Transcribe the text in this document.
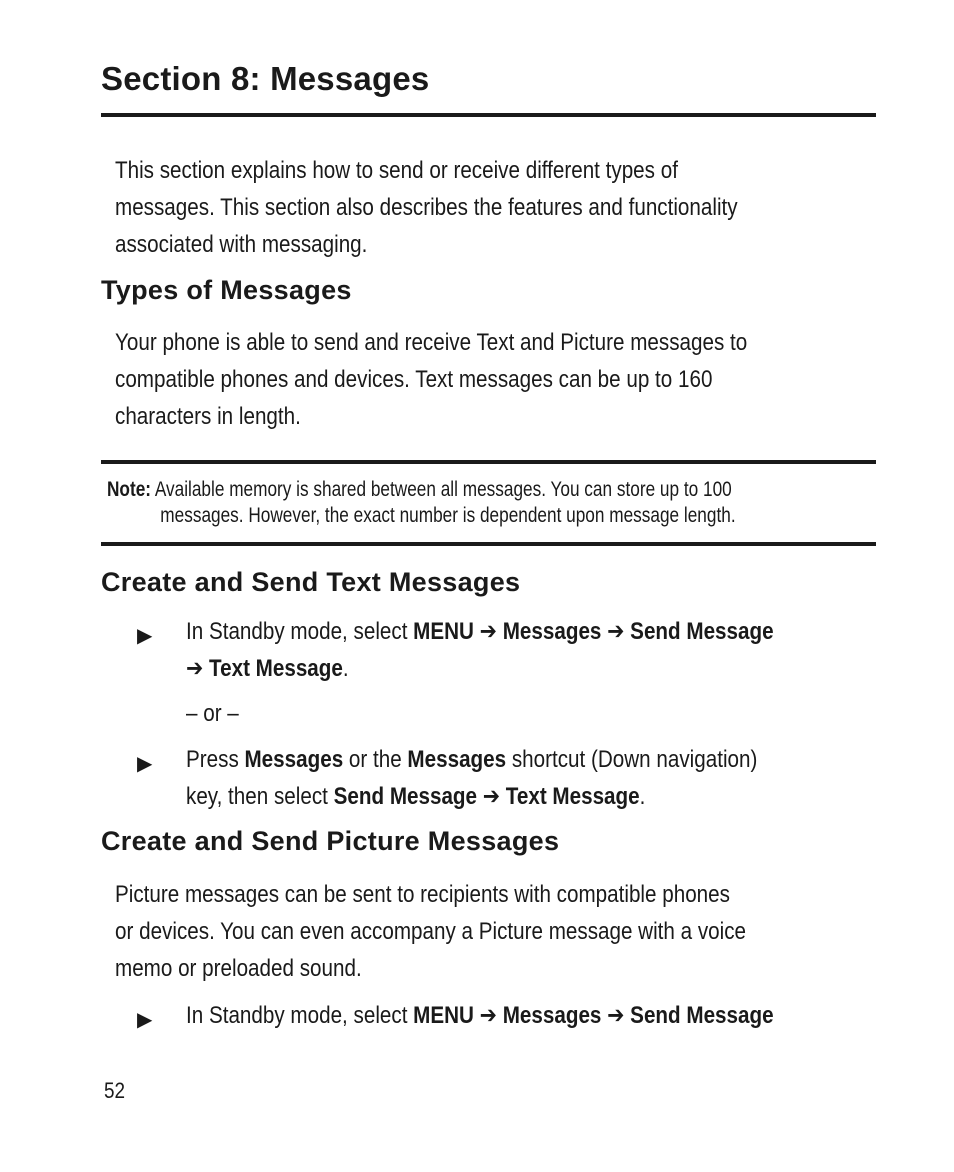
Section 8: Messages

This section explains how to send or receive different types of
messages. This section also describes the features and functionality
associated with messaging.

Types of Messages

Your phone is able to send and receive Text and Picture messages to
compatible phones and devices. Text messages can be up to 160
characters in length.

Note: Available memory is shared between all messages. You can store up to 100
messages. However, the exact number is dependent upon message length.
Create and Send Text Messages
▶ In Standby mode, select MENU ➔ Messages ➔ Send Message
➔ Text Message.

– or –
▶ Press Messages or the Messages shortcut (Down navigation)
key, then select Send Message ➔ Text Message.

Create and Send Picture Messages

Picture messages can be sent to recipients with compatible phones
or devices. You can even accompany a Picture message with a voice
memo or preloaded sound.

▶ In Standby mode, select MENU ➔ Messages ➔ Send Message

52
